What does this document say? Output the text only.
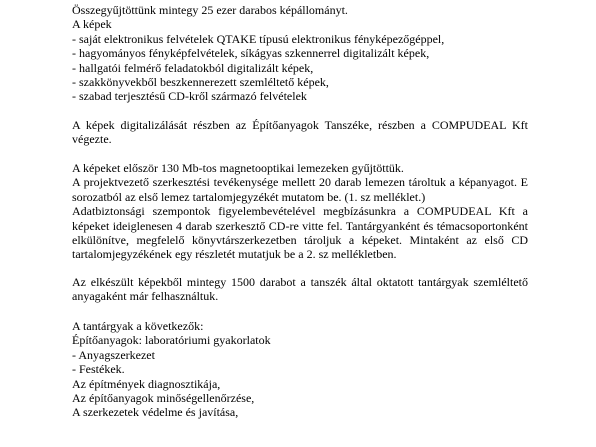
Összegyűjtöttünk mintegy 25 ezer darabos képállományt.

A képek

- saját elektronikus felvételek QTAKE típusú elektronikus fényképezőgéppel,

- hagyományos fényképfelvételek, síkágyas szkennerrel digitalizált képek,

- hallgatói felmérő feladatokból digitalizált képek,

- szakkönyvekből beszkennerezett szemléltető képek,

- szabad terjesztésű CD-kről származó felvételek

A képek digitalizálását részben az Építőanyagok Tanszéke, részben a COMPUDEAL Kft végezte.

A képeket először 130 Mb-tos magnetooptikai lemezeken gyűjtöttük.

A projektvezető szerkesztési tevékenysége mellett 20 darab lemezen tároltuk a képanyagot. E sorozatból az első lemez tartalomjegyzékét mutatom be. (1. sz melléklet.)

Adatbiztonsági szempontok figyelembevételével megbízásunkra a COMPUDEAL Kft a képeket ideiglenesen 4 darab szerkesztő CD-re vitte fel. Tantárgyanként és témacsoportonként elkülönítve, megfelelő könyvtárszerkezetben tároljuk a képeket. Mintaként az első CD tartalomjegyzékének egy részletét mutatjuk be a 2. sz mellékletben.

Az elkészült képekből mintegy 1500 darabot a tanszék által oktatott tantárgyak szemléltető anyagaként már felhasználtuk.

A tantárgyak a következők:

Építőanyagok: laboratóriumi gyakorlatok

- Anyagszerkezet

- Festékek.

Az építmények diagnosztikája,

Az építőanyagok minőségellenőrzése,

A szerkezetek védelme és javítása,
